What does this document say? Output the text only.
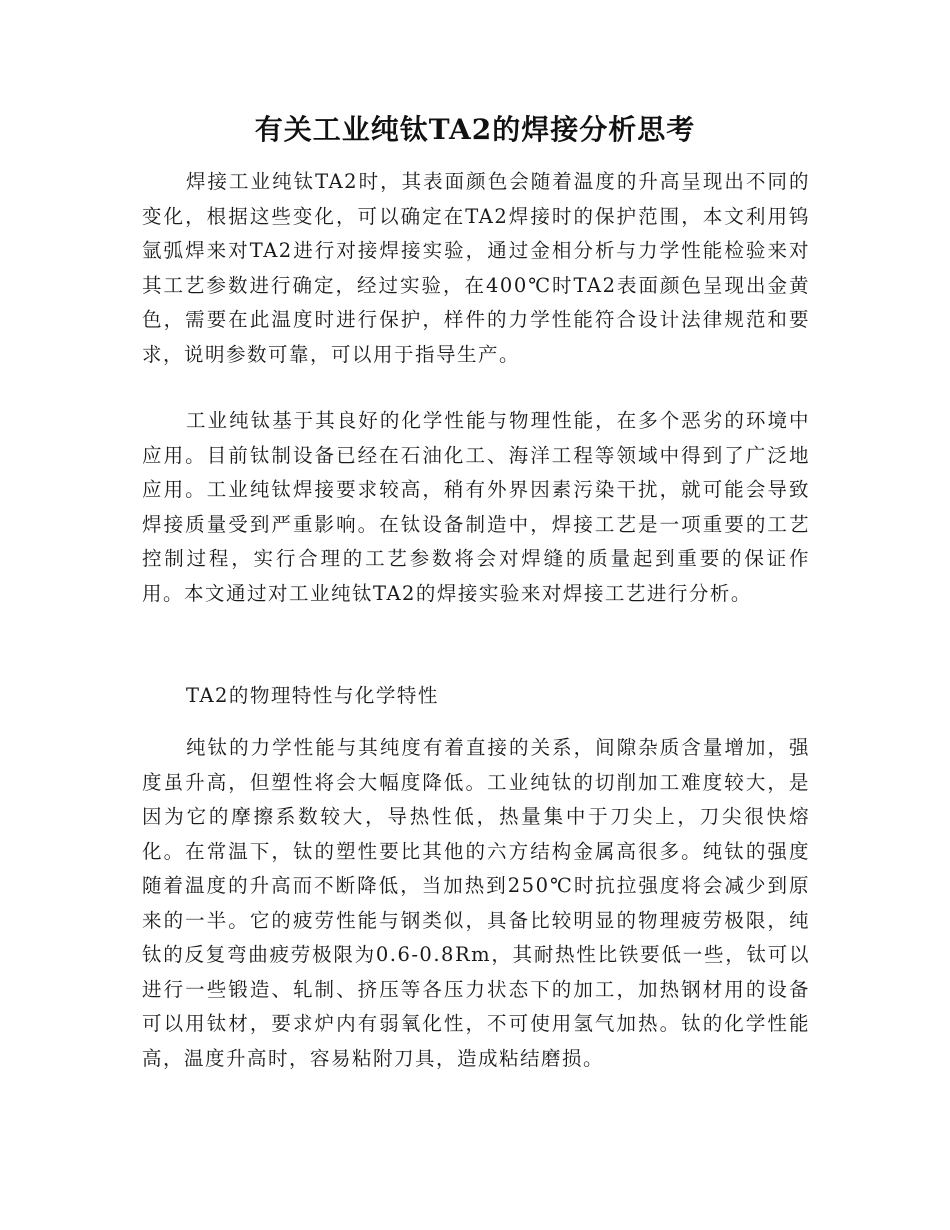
有关工业纯钛TA2的焊接分析思考

焊接工业纯钛TA2时，其表面颜色会随着温度的升高呈现出不同的变化，根据这些变化，可以确定在TA2焊接时的保护范围，本文利用钨氩弧焊来对TA2进行对接焊接实验，通过金相分析与力学性能检验来对其工艺参数进行确定，经过实验，在400℃时TA2表面颜色呈现出金黄色，需要在此温度时进行保护，样件的力学性能符合设计法律规范和要求，说明参数可靠，可以用于指导生产。

工业纯钛基于其良好的化学性能与物理性能，在多个恶劣的环境中应用。目前钛制设备已经在石油化工、海洋工程等领域中得到了广泛地应用。工业纯钛焊接要求较高，稍有外界因素污染干扰，就可能会导致焊接质量受到严重影响。在钛设备制造中，焊接工艺是一项重要的工艺控制过程，实行合理的工艺参数将会对焊缝的质量起到重要的保证作用。本文通过对工业纯钛TA2的焊接实验来对焊接工艺进行分析。

TA2的物理特性与化学特性

纯钛的力学性能与其纯度有着直接的关系，间隙杂质含量增加，强度虽升高，但塑性将会大幅度降低。工业纯钛的切削加工难度较大，是因为它的摩擦系数较大，导热性低，热量集中于刀尖上，刀尖很快熔化。在常温下，钛的塑性要比其他的六方结构金属高很多。纯钛的强度随着温度的升高而不断降低，当加热到250℃时抗拉强度将会减少到原来的一半。它的疲劳性能与钢类似，具备比较明显的物理疲劳极限，纯钛的反复弯曲疲劳极限为0.6-0.8Rm，其耐热性比铁要低一些，钛可以进行一些锻造、轧制、挤压等各压力状态下的加工，加热钢材用的设备可以用钛材，要求炉内有弱氧化性，不可使用氢气加热。钛的化学性能高，温度升高时，容易粘附刀具，造成粘结磨损。
